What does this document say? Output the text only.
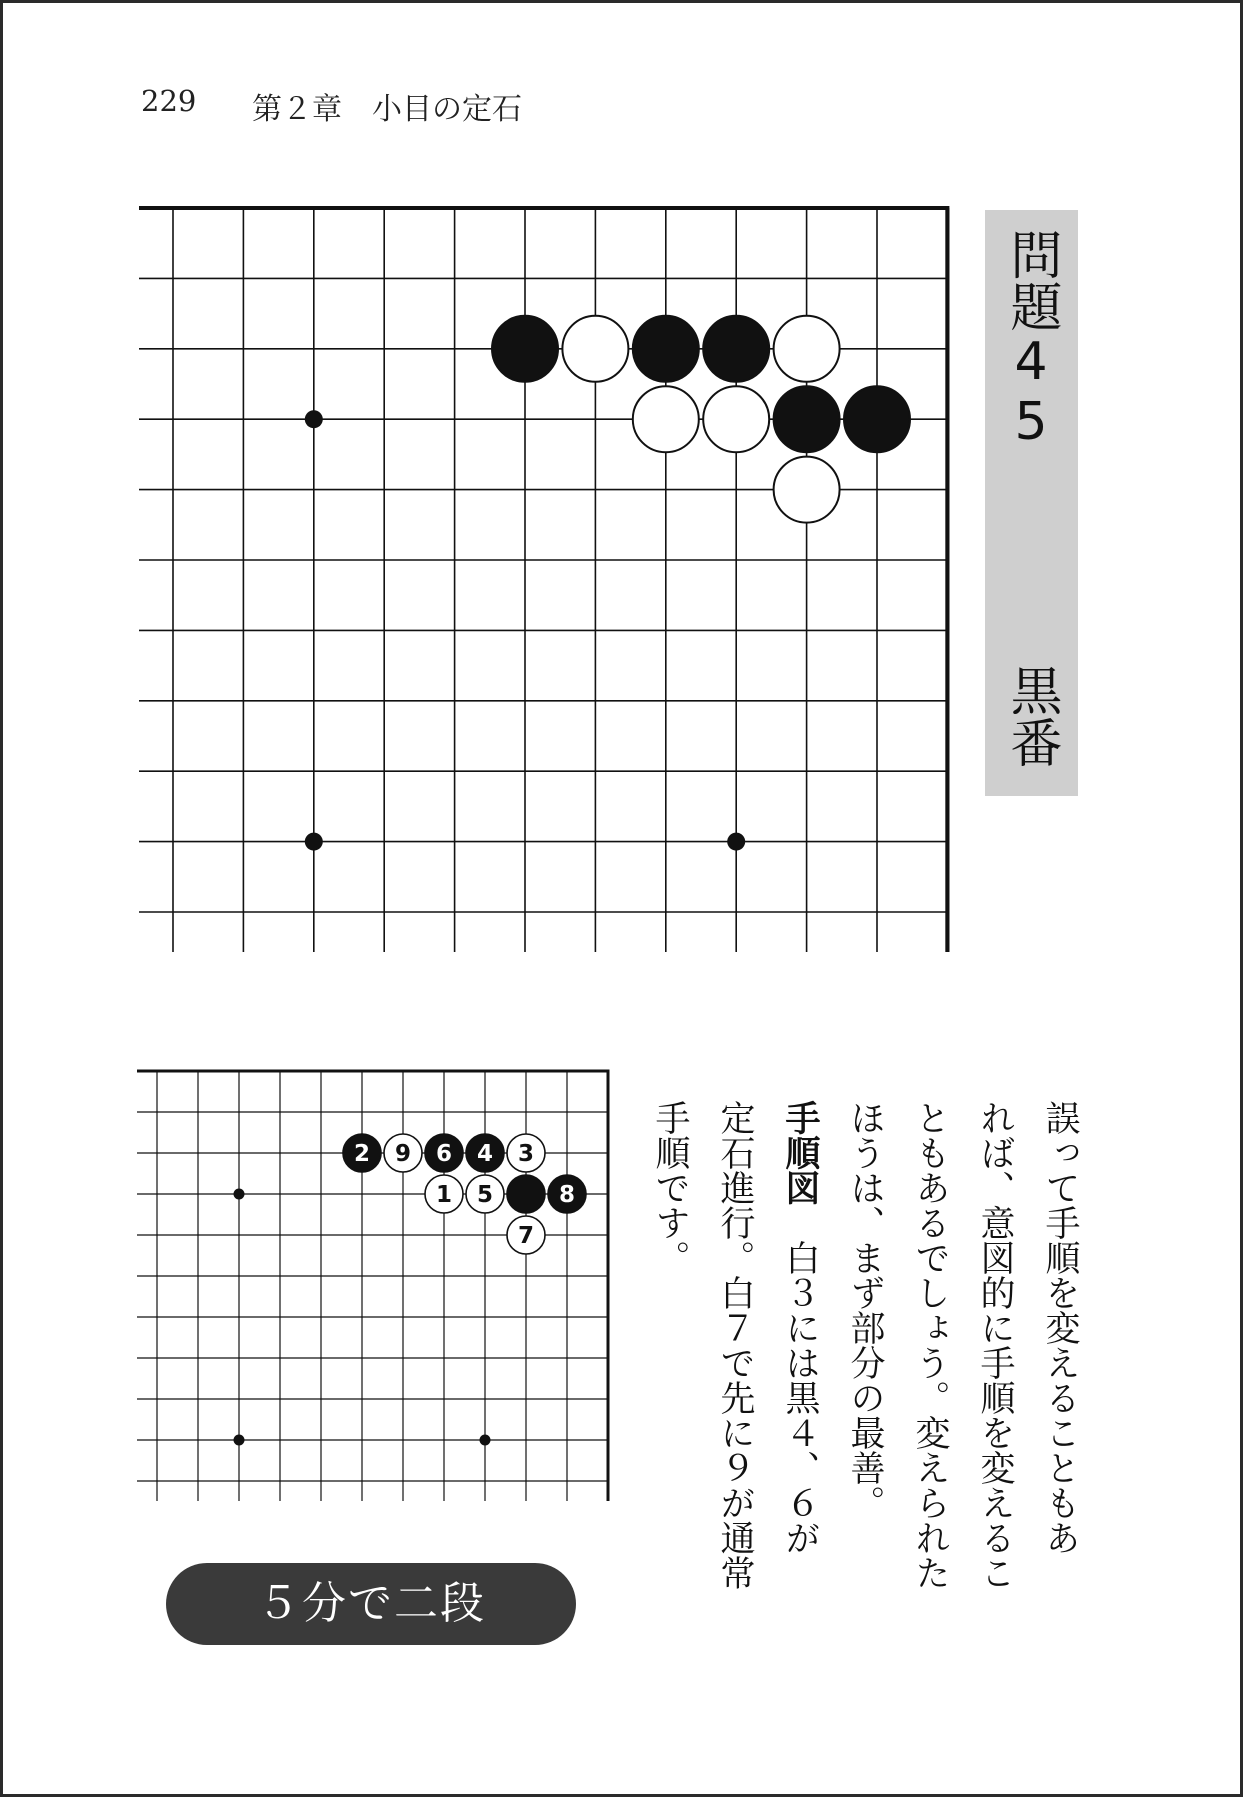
229 第２章　小目の定石
2 9 6 4 3
1 5	8
7
問題45
黒番
誤って手順を変えることもあ
れば、意図的に手順を変えるこ
ともあるでしょう。変えられた
ほうは、まず部分の最善。
手順図　白３には黒４、６が
定石進行。白７で先に９が通常
手順です。
５分で二段
